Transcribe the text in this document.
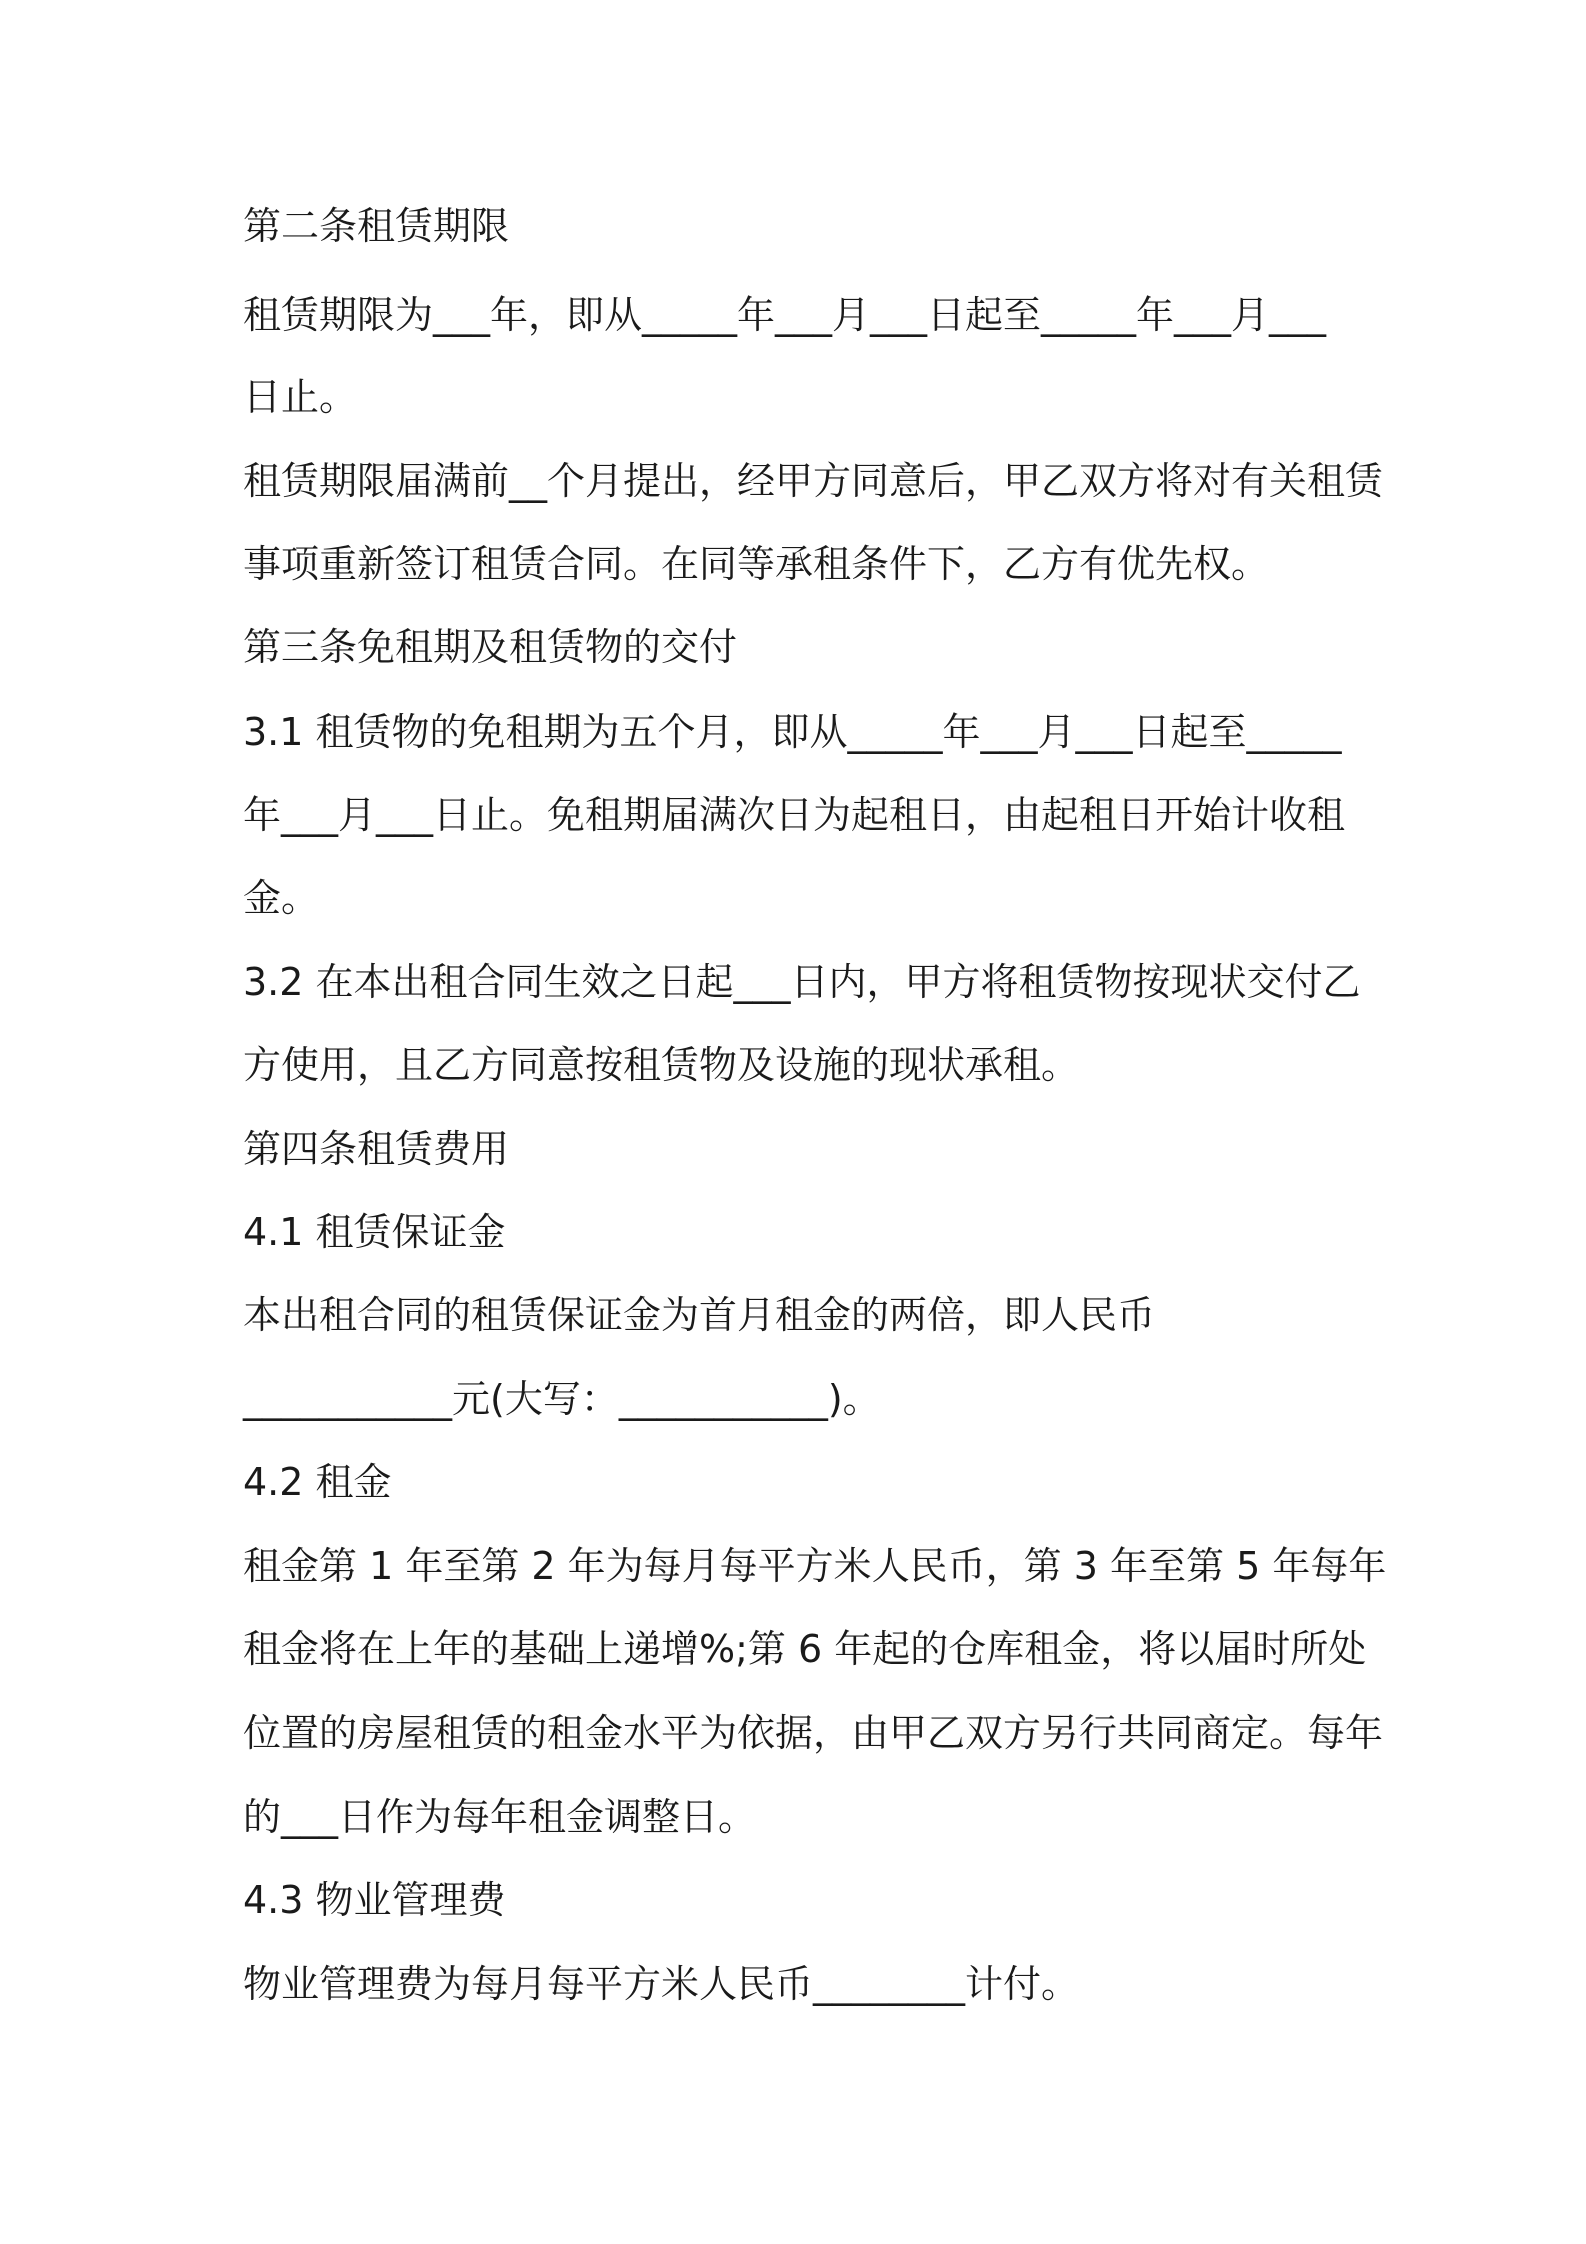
第二条租赁期限
租赁期限为___年，即从_____年___月___日起至_____年___月___
日止。
租赁期限届满前__个月提出，经甲方同意后，甲乙双方将对有关租赁
事项重新签订租赁合同。在同等承租条件下，乙方有优先权。
第三条免租期及租赁物的交付
3.1 租赁物的免租期为五个月，即从_____年___月___日起至_____
年___月___日止。免租期届满次日为起租日，由起租日开始计收租
金。
3.2 在本出租合同生效之日起___日内，甲方将租赁物按现状交付乙
方使用，且乙方同意按租赁物及设施的现状承租。
第四条租赁费用
4.1 租赁保证金
本出租合同的租赁保证金为首月租金的两倍，即人民币
___________元(大写：___________)。
4.2 租金
租金第 1 年至第 2 年为每月每平方米人民币，第 3 年至第 5 年每年
租金将在上年的基础上递增%;第 6 年起的仓库租金，将以届时所处
位置的房屋租赁的租金水平为依据，由甲乙双方另行共同商定。每年
的___日作为每年租金调整日。
4.3 物业管理费
物业管理费为每月每平方米人民币________计付。
